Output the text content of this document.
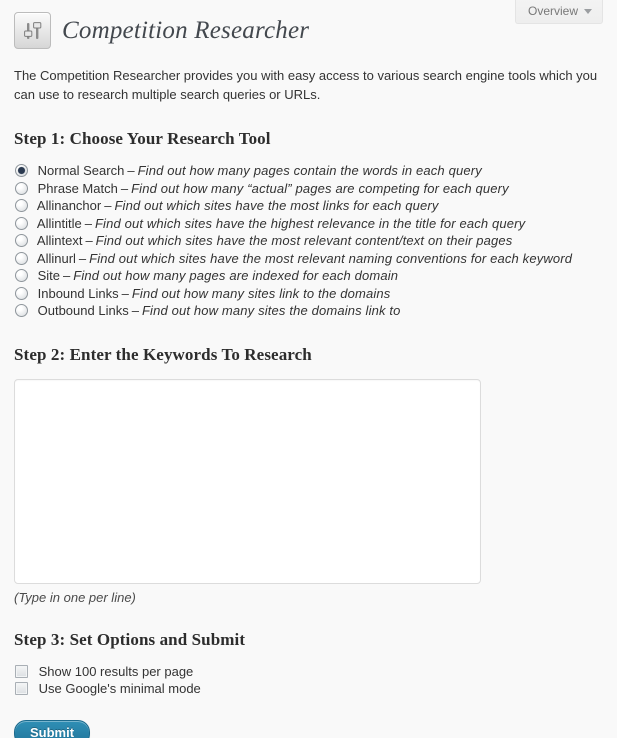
Overview
Competition Researcher

The Competition Researcher provides you with easy access to various search engine tools which you can use to research multiple search queries or URLs.

Step 1: Choose Your Research Tool
Normal Search – Find out how many pages contain the words in each query
Phrase Match – Find out how many “actual” pages are competing for each query
Allinanchor – Find out which sites have the most links for each query
Allintitle – Find out which sites have the highest relevance in the title for each query
Allintext – Find out which sites have the most relevant content/text on their pages
Allinurl – Find out which sites have the most relevant naming conventions for each keyword
Site – Find out how many pages are indexed for each domain
Inbound Links – Find out how many sites link to the domains
Outbound Links – Find out how many sites the domains link to
Step 2: Enter the Keywords To Research
(Type in one per line)
Step 3: Set Options and Submit
Show 100 results per page
Use Google's minimal mode
Submit
